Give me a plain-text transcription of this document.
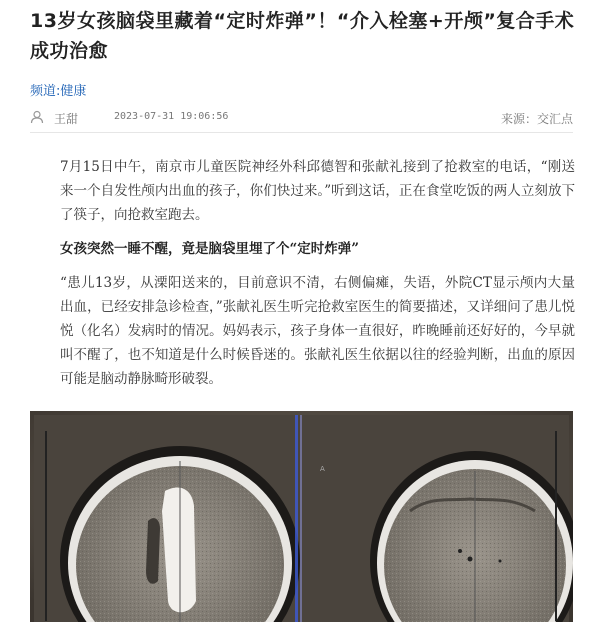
13岁女孩脑袋里藏着“定时炸弹”！“介入栓塞+开颅”复合手术成功治愈
频道:健康
王甜	2023-07-31 19:06:56	来源：交汇点

7月15日中午，南京市儿童医院神经外科邱德智和张献礼接到了抢救室的电话，“刚送来一个自发性颅内出血的孩子，你们快过来。”听到这话，正在食堂吃饭的两人立刻放下了筷子，向抢救室跑去。

女孩突然一睡不醒，竟是脑袋里埋了个“定时炸弹”

“患儿13岁，从溧阳送来的，目前意识不清，右侧偏瘫，失语，外院CT显示颅内大量出血，已经安排急诊检查，”张献礼医生听完抢救室医生的简要描述，又详细问了患儿悦悦（化名）发病时的情况。妈妈表示，孩子身体一直很好，昨晚睡前还好好的，今早就叫不醒了，也不知道是什么时候昏迷的。张献礼医生依据以往的经验判断，出血的原因可能是脑动静脉畸形破裂。

A
